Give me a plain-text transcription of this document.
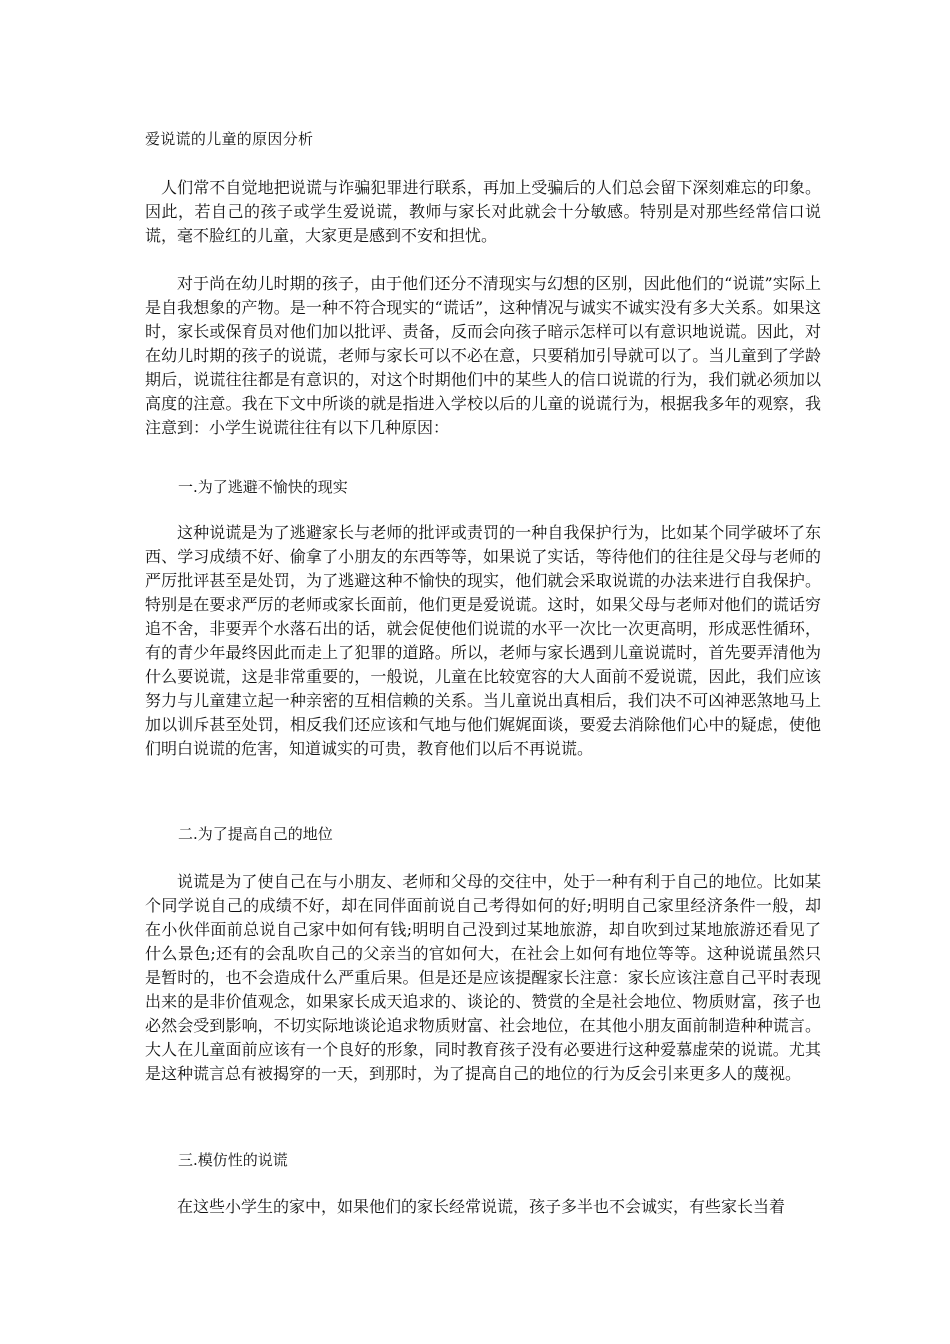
爱说谎的儿童的原因分析

人们常不自觉地把说谎与诈骗犯罪进行联系，再加上受骗后的人们总会留下深刻难忘的印象。因此，若自己的孩子或学生爱说谎，教师与家长对此就会十分敏感。特别是对那些经常信口说谎，毫不脸红的儿童，大家更是感到不安和担忧。

对于尚在幼儿时期的孩子，由于他们还分不清现实与幻想的区别，因此他们的“说谎”实际上是自我想象的产物。是一种不符合现实的“谎话”，这种情况与诚实不诚实没有多大关系。如果这时，家长或保育员对他们加以批评、责备，反而会向孩子暗示怎样可以有意识地说谎。因此，对在幼儿时期的孩子的说谎，老师与家长可以不必在意，只要稍加引导就可以了。当儿童到了学龄期后，说谎往往都是有意识的，对这个时期他们中的某些人的信口说谎的行为，我们就必须加以高度的注意。我在下文中所谈的就是指进入学校以后的儿童的说谎行为，根据我多年的观察，我注意到：小学生说谎往往有以下几种原因：

一.为了逃避不愉快的现实

这种说谎是为了逃避家长与老师的批评或责罚的一种自我保护行为，比如某个同学破坏了东西、学习成绩不好、偷拿了小朋友的东西等等，如果说了实话，等待他们的往往是父母与老师的严厉批评甚至是处罚，为了逃避这种不愉快的现实，他们就会采取说谎的办法来进行自我保护。特别是在要求严厉的老师或家长面前，他们更是爱说谎。这时，如果父母与老师对他们的谎话穷追不舍，非要弄个水落石出的话，就会促使他们说谎的水平一次比一次更高明，形成恶性循环，有的青少年最终因此而走上了犯罪的道路。所以，老师与家长遇到儿童说谎时，首先要弄清他为什么要说谎，这是非常重要的，一般说，儿童在比较宽容的大人面前不爱说谎，因此，我们应该努力与儿童建立起一种亲密的互相信赖的关系。当儿童说出真相后，我们决不可凶神恶煞地马上加以训斥甚至处罚，相反我们还应该和气地与他们娓娓面谈，要爱去消除他们心中的疑虑，使他们明白说谎的危害，知道诚实的可贵，教育他们以后不再说谎。

二.为了提高自己的地位

说谎是为了使自己在与小朋友、老师和父母的交往中，处于一种有利于自己的地位。比如某个同学说自己的成绩不好，却在同伴面前说自己考得如何的好;明明自己家里经济条件一般，却在小伙伴面前总说自己家中如何有钱;明明自己没到过某地旅游，却自吹到过某地旅游还看见了什么景色;还有的会乱吹自己的父亲当的官如何大，在社会上如何有地位等等。这种说谎虽然只是暂时的，也不会造成什么严重后果。但是还是应该提醒家长注意：家长应该注意自己平时表现出来的是非价值观念，如果家长成天追求的、谈论的、赞赏的全是社会地位、物质财富，孩子也必然会受到影响，不切实际地谈论追求物质财富、社会地位，在其他小朋友面前制造种种谎言。大人在儿童面前应该有一个良好的形象，同时教育孩子没有必要进行这种爱慕虚荣的说谎。尤其是这种谎言总有被揭穿的一天，到那时，为了提高自己的地位的行为反会引来更多人的蔑视。

三.模仿性的说谎

在这些小学生的家中，如果他们的家长经常说谎，孩子多半也不会诚实，有些家长当着
